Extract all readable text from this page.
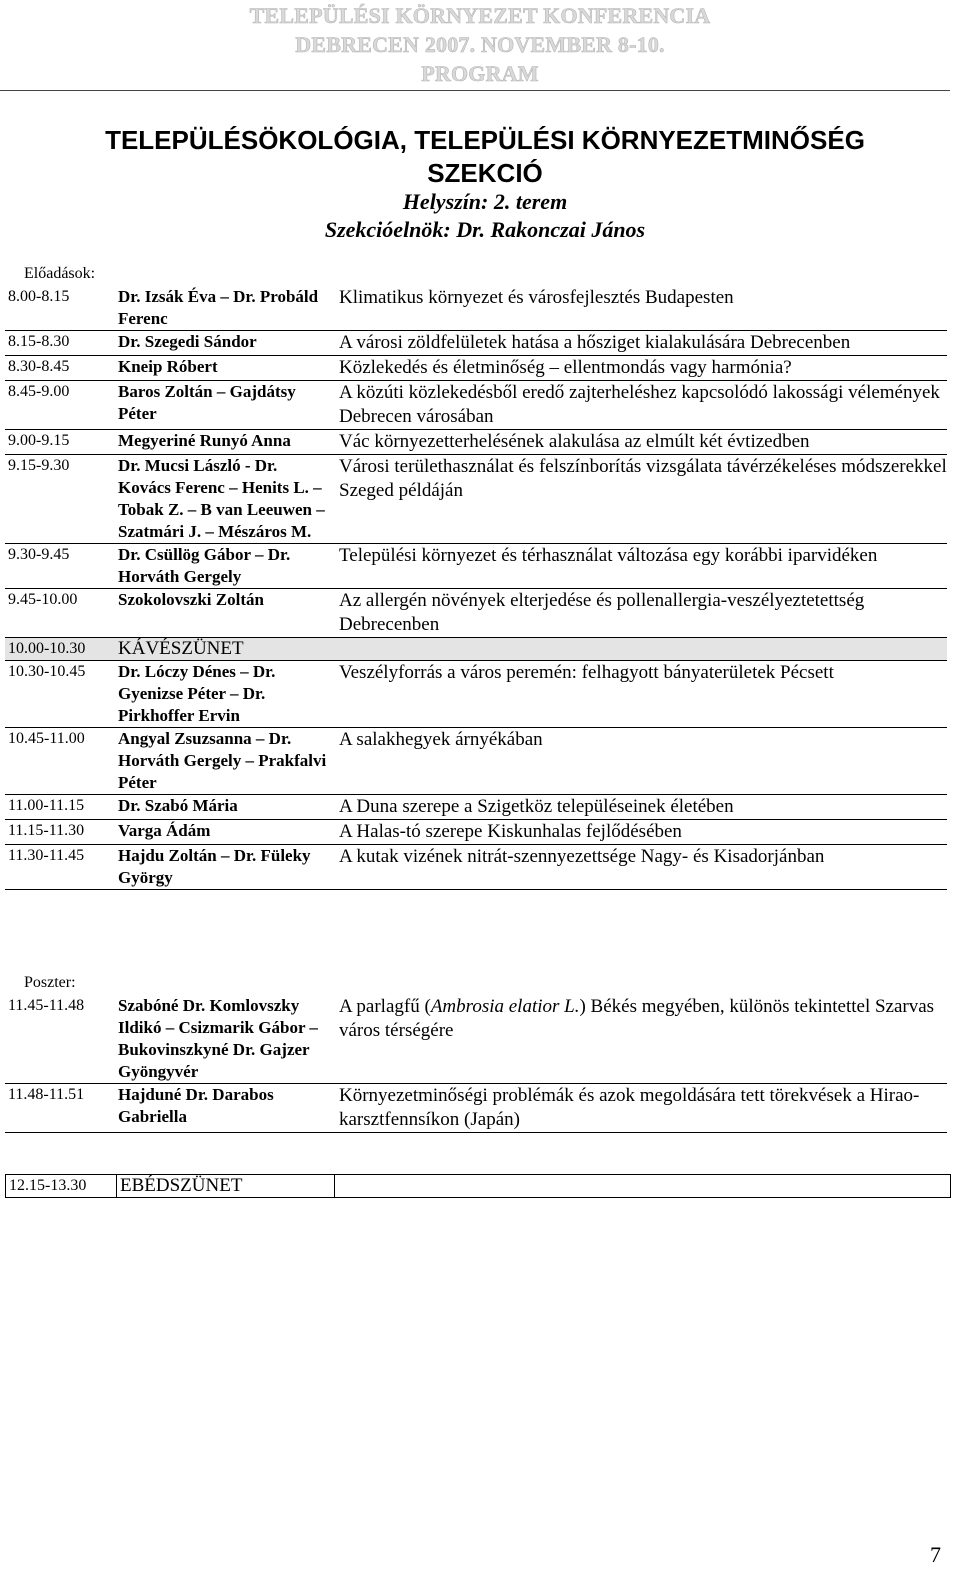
TELEPÜLÉSI KÖRNYEZET KONFERENCIA
DEBRECEN 2007. NOVEMBER 8-10.
PROGRAM
TELEPÜLÉSÖKOLÓGIA, TELEPÜLÉSI KÖRNYEZETMINŐSÉG
SZEKCIÓ
Helyszín: 2. terem
Szekcióelnök: Dr. Rakonczai János
Előadások:
8.00-8.15	Dr. Izsák Éva – Dr. Probáld Ferenc	Klimatikus környezet és városfejlesztés Budapesten
8.15-8.30	Dr. Szegedi Sándor	A városi zöldfelületek hatása a hősziget kialakulására Debrecenben
8.30-8.45	Kneip Róbert	Közlekedés és életminőség – ellentmondás vagy harmónia?
8.45-9.00	Baros Zoltán – Gajdátsy Péter	A közúti közlekedésből eredő zajterheléshez kapcsolódó lakossági vélemények Debrecen városában
9.00-9.15	Megyeriné Runyó Anna	Vác környezetterhelésének alakulása az elmúlt két évtizedben
9.15-9.30	Dr. Mucsi László - Dr. Kovács Ferenc – Henits L. – Tobak Z. – B van Leeuwen – Szatmári J. – Mészáros M.	Városi területhasználat és felszínborítás vizsgálata távérzékeléses módszerekkel Szeged példáján
9.30-9.45	Dr. Csüllög Gábor – Dr. Horváth Gergely	Települési környezet és térhasználat változása egy korábbi iparvidéken
9.45-10.00	Szokolovszki Zoltán	Az allergén növények elterjedése és pollenallergia-veszélyeztetettség Debrecenben
10.00-10.30	KÁVÉSZÜNET	
10.30-10.45	Dr. Lóczy Dénes – Dr. Gyenizse Péter – Dr. Pirkhoffer Ervin	Veszélyforrás a város peremén: felhagyott bányaterületek Pécsett
10.45-11.00	Angyal Zsuzsanna – Dr. Horváth Gergely – Prakfalvi Péter	A salakhegyek árnyékában
11.00-11.15	Dr. Szabó Mária	A Duna szerepe a Szigetköz településeinek életében
11.15-11.30	Varga Ádám	A Halas-tó szerepe Kiskunhalas fejlődésében
11.30-11.45	Hajdu Zoltán – Dr. Füleky György	A kutak vizének nitrát-szennyezettsége Nagy- és Kisadorjánban
Poszter:
11.45-11.48	Szabóné Dr. Komlovszky Ildikó – Csizmarik Gábor – Bukovinszkyné Dr. Gajzer Gyöngyvér	A parlagfű (Ambrosia elatior L.) Békés megyében, különös tekintettel Szarvas város térségére
11.48-11.51	Hajduné Dr. Darabos Gabriella	Környezetminőségi problémák és azok megoldására tett törekvések a Hirao-karsztfennsíkon (Japán)
12.15-13.30	EBÉDSZÜNET	
7
